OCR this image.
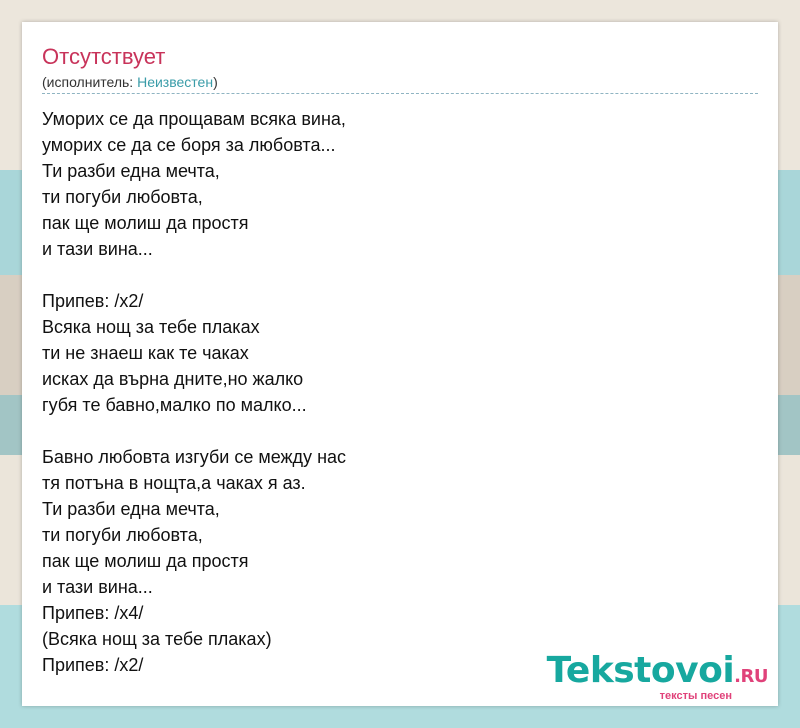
Отсутствует
(исполнитель: Неизвестен)
Уморих се да прощавам всяка вина,
уморих се да се боря за любовта...
Ти разби една мечта,
ти погуби любовта,
пак ще молиш да простя
и тази вина...

Припев: /x2/
Всяка нощ за тебе плаках
ти не знаеш как те чаках
исках да върна дните,но жалко
губя те бавно,малко по малко...

Бавно любовта изгуби се между нас
тя потъна в нощта,а чаках я аз.
Ти разби една мечта,
ти погуби любовта,
пак ще молиш да простя
и тази вина...
Припев: /x4/
(Всяка нощ за тебе плаках)
Припев: /x2/	Tekstovoi.RU
тексты песен
